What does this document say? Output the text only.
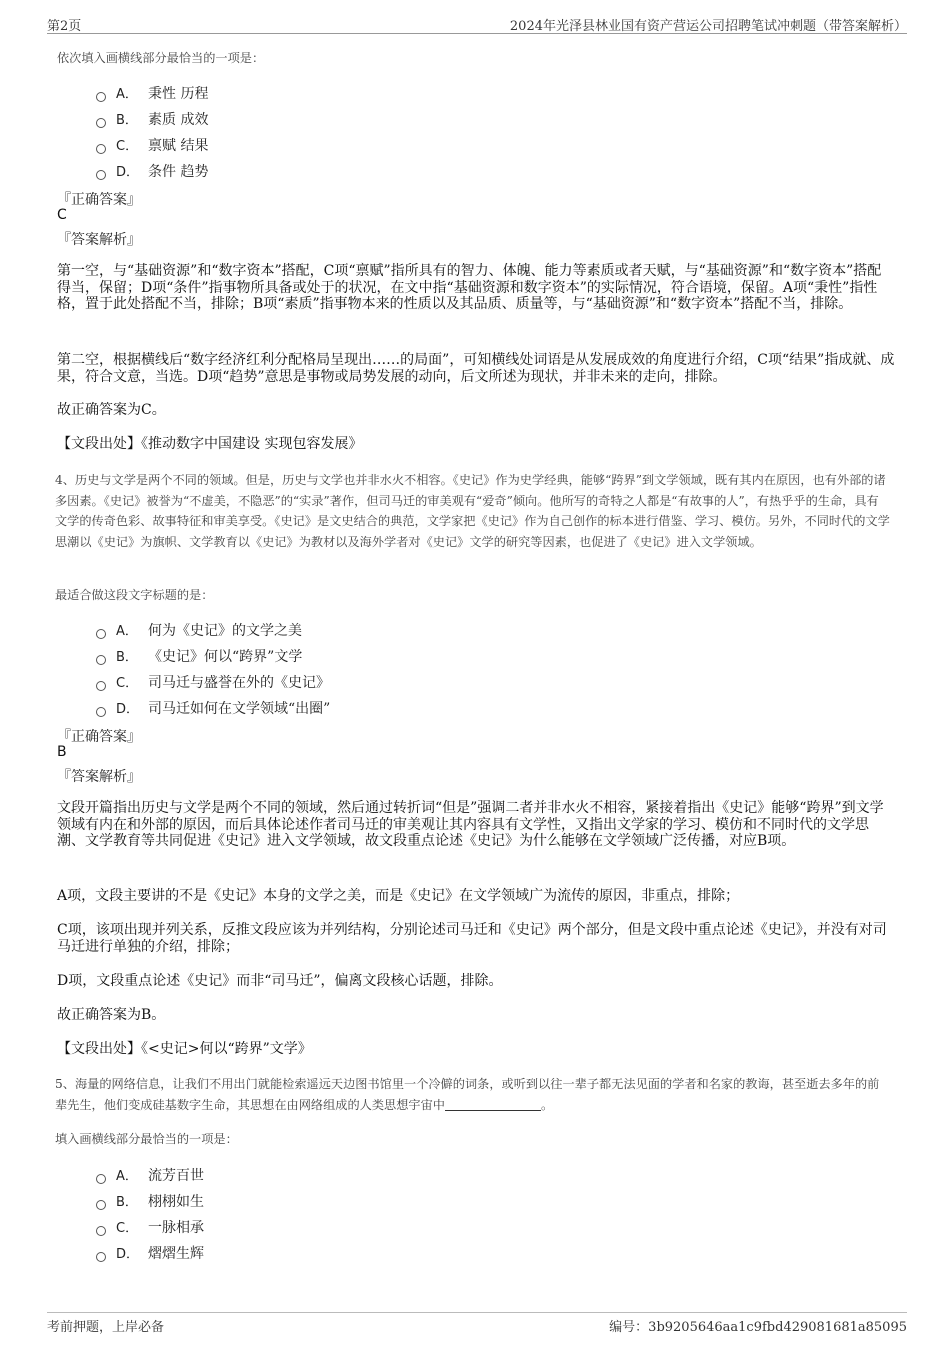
第2页	2024年光泽县林业国有资产营运公司招聘笔试冲刺题（带答案解析）
依次填入画横线部分最恰当的一项是：
A． 秉性 历程
B． 素质 成效
C． 禀赋 结果
D． 条件 趋势
『正确答案』
C
『答案解析』
第一空，与“基础资源”和“数字资本”搭配，C项“禀赋”指所具有的智力、体魄、能力等素质或者天赋，与“基础资源”和“数字资本”搭配得当，保留；D项“条件”指事物所具备或处于的状况，在文中指“基础资源和数字资本”的实际情况，符合语境，保留。A项“秉性”指性格，置于此处搭配不当，排除；B项“素质”指事物本来的性质以及其品质、质量等，与“基础资源”和“数字资本”搭配不当，排除。
第二空，根据横线后“数字经济红利分配格局呈现出……的局面”，可知横线处词语是从发展成效的角度进行介绍，C项“结果”指成就、成果，符合文意，当选。D项“趋势”意思是事物或局势发展的动向，后文所述为现状，并非未来的走向，排除。
故正确答案为C。
【文段出处】《推动数字中国建设 实现包容发展》
4、历史与文学是两个不同的领域。但是，历史与文学也并非水火不相容。《史记》作为史学经典，能够“跨界”到文学领域，既有其内在原因，也有外部的诸多因素。《史记》被誉为“不虚美，不隐恶”的“实录”著作，但司马迁的审美观有“爱奇”倾向。他所写的奇特之人都是“有故事的人”，有热乎乎的生命，具有文学的传奇色彩、故事特征和审美享受。《史记》是文史结合的典范，文学家把《史记》作为自己创作的标本进行借鉴、学习、模仿。另外，不同时代的文学思潮以《史记》为旗帜、文学教育以《史记》为教材以及海外学者对《史记》文学的研究等因素，也促进了《史记》进入文学领域。
最适合做这段文字标题的是：
A． 何为《史记》的文学之美
B． 《史记》何以“跨界”文学
C． 司马迁与盛誉在外的《史记》
D． 司马迁如何在文学领域“出圈”
『正确答案』
B
『答案解析』
文段开篇指出历史与文学是两个不同的领域，然后通过转折词“但是”强调二者并非水火不相容，紧接着指出《史记》能够“跨界”到文学领域有内在和外部的原因，而后具体论述作者司马迁的审美观让其内容具有文学性，又指出文学家的学习、模仿和不同时代的文学思潮、文学教育等共同促进《史记》进入文学领域，故文段重点论述《史记》为什么能够在文学领域广泛传播，对应B项。
A项，文段主要讲的不是《史记》本身的文学之美，而是《史记》在文学领域广为流传的原因，非重点，排除；
C项，该项出现并列关系，反推文段应该为并列结构，分别论述司马迁和《史记》两个部分，但是文段中重点论述《史记》，并没有对司马迁进行单独的介绍，排除；
D项，文段重点论述《史记》而非“司马迁”，偏离文段核心话题，排除。
故正确答案为B。
【文段出处】《<史记>何以“跨界”文学》
5、海量的网络信息，让我们不用出门就能检索遥远天边图书馆里一个冷僻的词条，或听到以往一辈子都无法见面的学者和名家的教诲，甚至逝去多年的前辈先生，他们变成硅基数字生命，其思想在由网络组成的人类思想宇宙中	。
填入画横线部分最恰当的一项是：
A． 流芳百世
B． 栩栩如生
C． 一脉相承
D． 熠熠生辉
考前押题，上岸必备	编号：3b9205646aa1c9fbd429081681a85095
